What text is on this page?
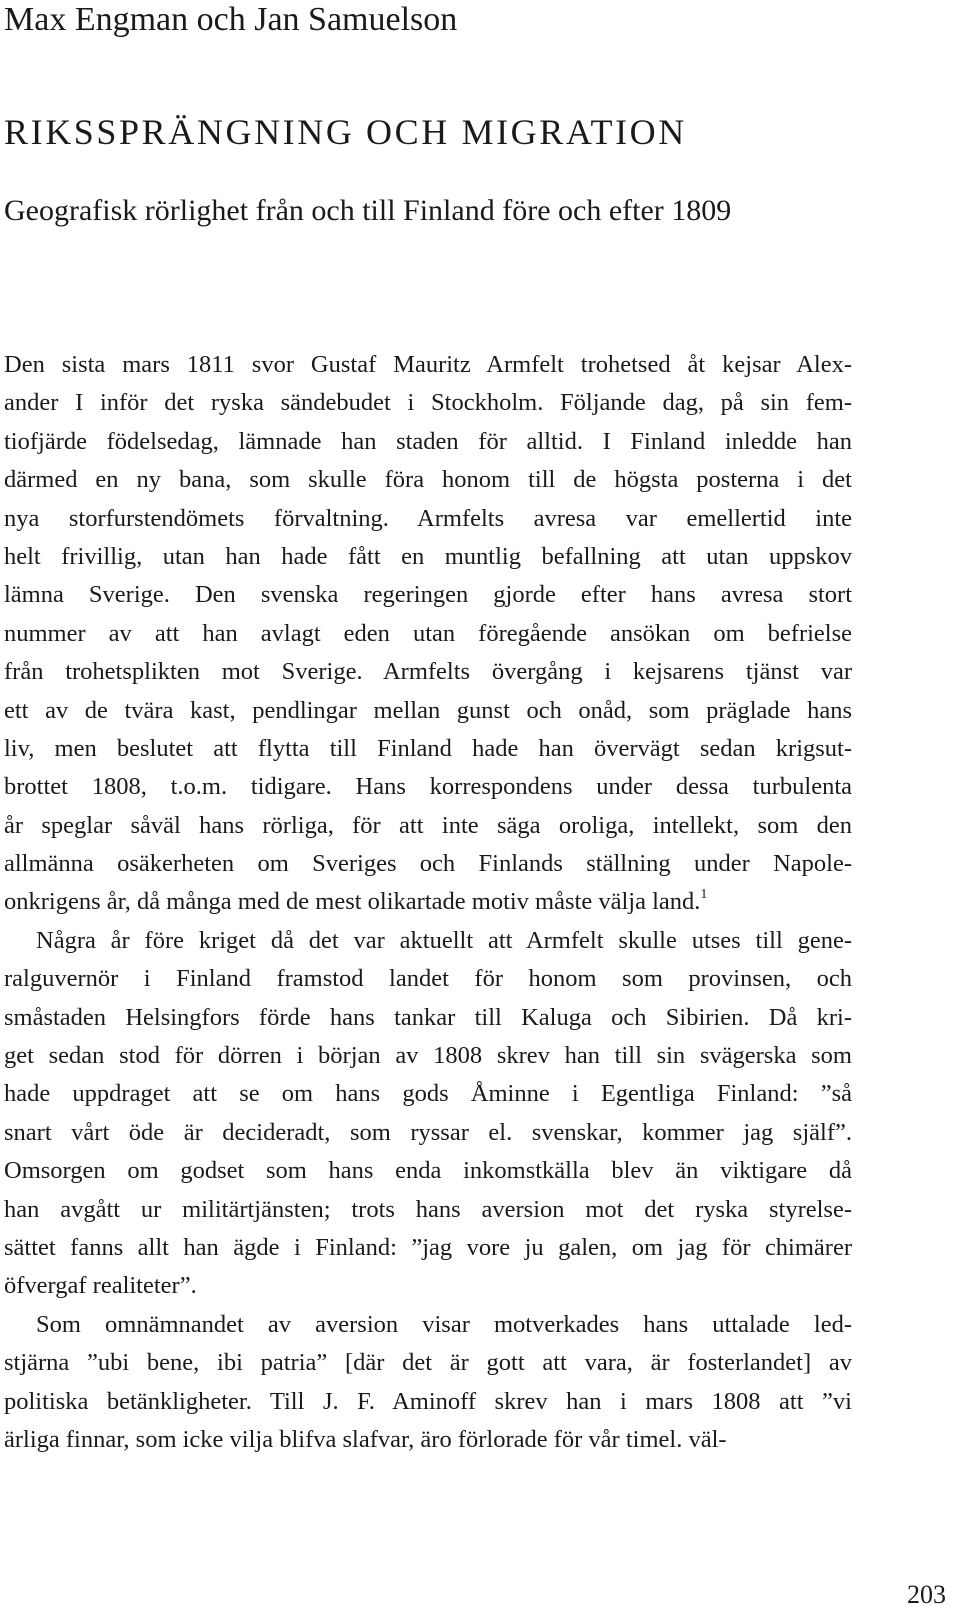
Max Engman och Jan Samuelson
RIKSSPRÄNGNING OCH MIGRATION
Geografisk rörlighet från och till Finland före och efter 1809
Den sista mars 1811 svor Gustaf Mauritz Armfelt trohetsed åt kejsar Alex-
ander I inför det ryska sändebudet i Stockholm. Följande dag, på sin fem-
tiofjärde födelsedag, lämnade han staden för alltid. I Finland inledde han
därmed en ny bana, som skulle föra honom till de högsta posterna i det
nya storfurstendömets förvaltning. Armfelts avresa var emellertid inte
helt frivillig, utan han hade fått en muntlig befallning att utan uppskov
lämna Sverige. Den svenska regeringen gjorde efter hans avresa stort
nummer av att han avlagt eden utan föregående ansökan om befrielse
från trohetsplikten mot Sverige. Armfelts övergång i kejsarens tjänst var
ett av de tvära kast, pendlingar mellan gunst och onåd, som präglade hans
liv, men beslutet att flytta till Finland hade han övervägt sedan krigsut-
brottet 1808, t.o.m. tidigare. Hans korrespondens under dessa turbulenta
år speglar såväl hans rörliga, för att inte säga oroliga, intellekt, som den
allmänna osäkerheten om Sveriges och Finlands ställning under Napole-
onkrigens år, då många med de mest olikartade motiv måste välja land.$^1$
Några år före kriget då det var aktuellt att Armfelt skulle utses till gene-
ralguvernör i Finland framstod landet för honom som provinsen, och
småstaden Helsingfors förde hans tankar till Kaluga och Sibirien. Då kri-
get sedan stod för dörren i början av 1808 skrev han till sin svägerska som
hade uppdraget att se om hans gods Åminne i Egentliga Finland: ”så
snart vårt öde är decideradt, som ryssar el. svenskar, kommer jag själf”.
Omsorgen om godset som hans enda inkomstkälla blev än viktigare då
han avgått ur militärtjänsten; trots hans aversion mot det ryska styrelse-
sättet fanns allt han ägde i Finland: ”jag vore ju galen, om jag för chimärer
öfvergaf realiteter”.
Som omnämnandet av aversion visar motverkades hans uttalade led-
stjärna ”ubi bene, ibi patria” [där det är gott att vara, är fosterlandet] av
politiska betänkligheter. Till J. F. Aminoff skrev han i mars 1808 att ”vi
ärliga finnar, som icke vilja blifva slafvar, äro förlorade för vår timel. väl-
203
